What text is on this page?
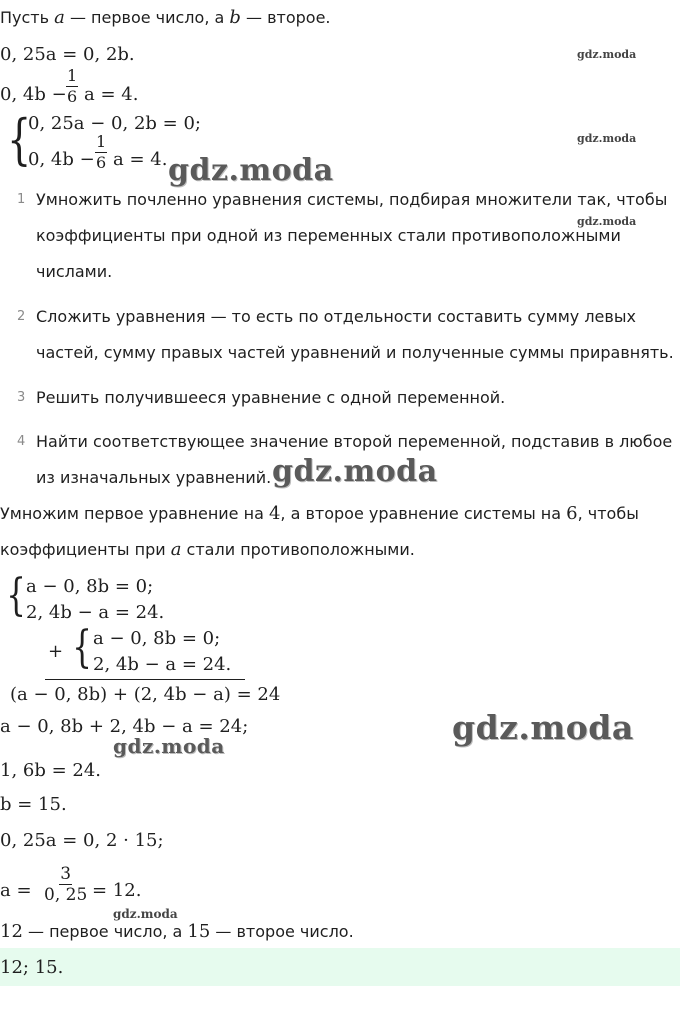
Пусть a — первое число, а b — второе.
gdz.moda
0, 25a = 0, 2b.
0, $4b - \frac{1}{6}$ a = 4.
{
0, 25a − 0, 2b = 0;
0, $4b - \frac{1}{6}$ a = 4.
gdz.moda
gdz.moda
1 Умножить почленно уравнения системы, подбирая множители так, чтобы
gdz.moda
коэффициенты при одной из переменных стали противоположными
числами.
2 Сложить уравнения — то есть по отдельности составить сумму левых
частей, сумму правых частей уравнений и полученные суммы приравнять.
3 Решить получившееся уравнение с одной переменной.
4 Найти соответствующее значение второй переменной, подставив в любое
из изначальных уравнений. gdz.moda
Умножим первое уравнение на 4, а второе уравнение системы на 6, чтобы
коэффициенты при a стали противоположными.
{ a − 0, 8b = 0;
2, 4b − a = 24.
+ { a − 0, 8b = 0;
2, 4b − a = 24.
(a − 0, 8b) + (2, 4b − a) = 24
a − 0, 8b + 2, 4b − a = 24;
gdz.moda	gdz.moda
1, 6b = 24.
b = 15.
0, 25a = 0, 2 · 15;
$a = \frac{3}{0, 25} = 12$.
gdz.moda
12 — первое число, а 15 — второе число.
12; 15.
